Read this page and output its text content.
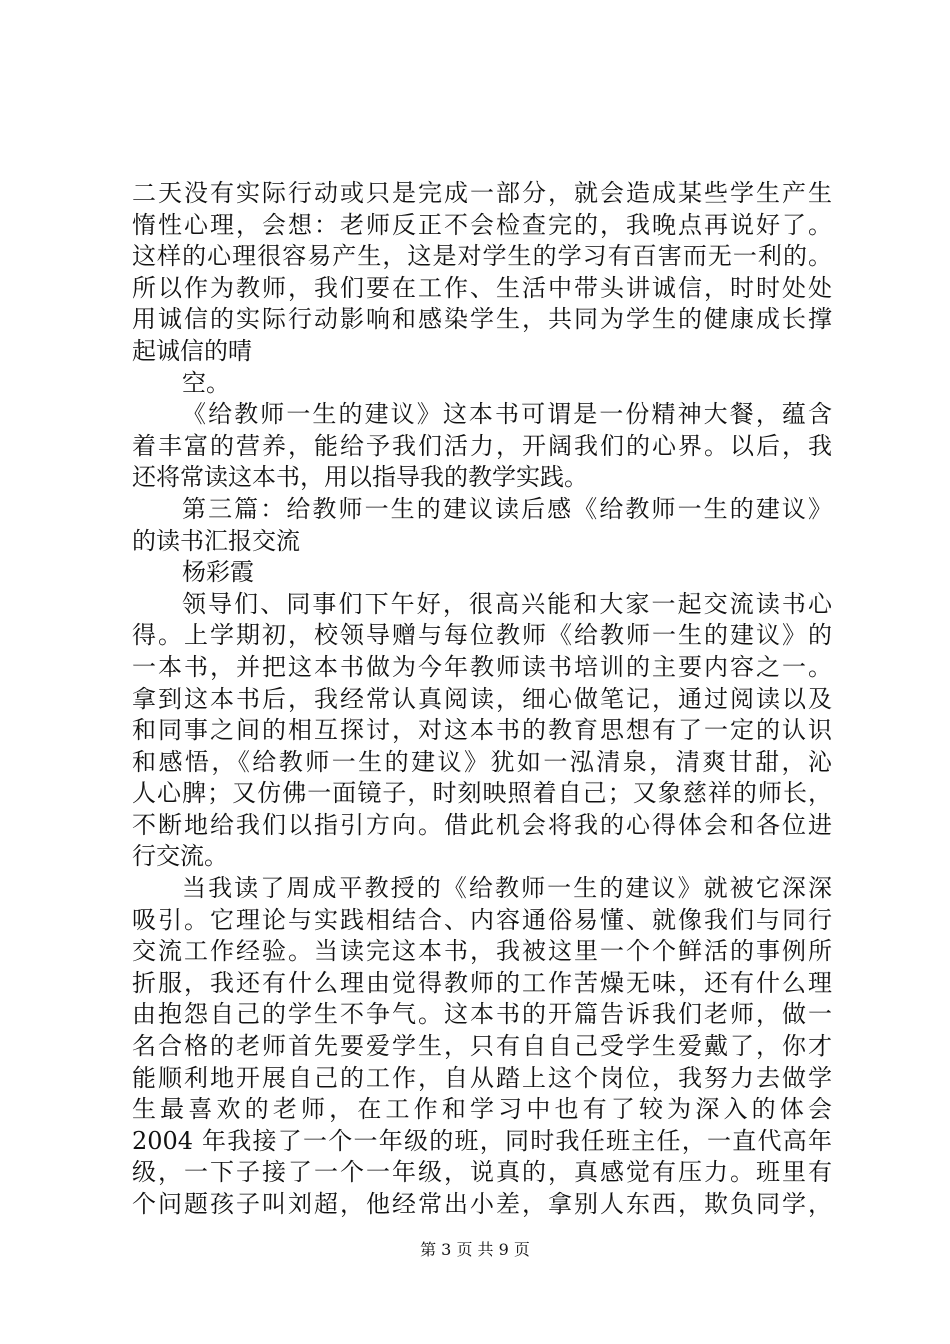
二天没有实际行动或只是完成一部分，就会造成某些学生产生
惰性心理，会想：老师反正不会检查完的，我晚点再说好了。
这样的心理很容易产生，这是对学生的学习有百害而无一利的。
所以作为教师，我们要在工作、生活中带头讲诚信，时时处处
用诚信的实际行动影响和感染学生，共同为学生的健康成长撑
起诚信的晴
空。
《给教师一生的建议》这本书可谓是一份精神大餐，蕴含
着丰富的营养，能给予我们活力，开阔我们的心界。以后，我
还将常读这本书，用以指导我的教学实践。
第三篇：给教师一生的建议读后感《给教师一生的建议》
的读书汇报交流
杨彩霞
领导们、同事们下午好，很高兴能和大家一起交流读书心
得。上学期初，校领导赠与每位教师《给教师一生的建议》的
一本书，并把这本书做为今年教师读书培训的主要内容之一。
拿到这本书后，我经常认真阅读，细心做笔记，通过阅读以及
和同事之间的相互探讨，对这本书的教育思想有了一定的认识
和感悟，《给教师一生的建议》犹如一泓清泉，清爽甘甜，沁
人心脾；又仿佛一面镜子，时刻映照着自己；又象慈祥的师长，
不断地给我们以指引方向。借此机会将我的心得体会和各位进
行交流。
当我读了周成平教授的《给教师一生的建议》就被它深深
吸引。它理论与实践相结合、内容通俗易懂、就像我们与同行
交流工作经验。当读完这本书，我被这里一个个鲜活的事例所
折服，我还有什么理由觉得教师的工作苦燥无味，还有什么理
由抱怨自己的学生不争气。这本书的开篇告诉我们老师，做一
名合格的老师首先要爱学生，只有自自己受学生爱戴了，你才
能顺利地开展自己的工作，自从踏上这个岗位，我努力去做学
生最喜欢的老师，在工作和学习中也有了较为深入的体会
2004 年我接了一个一年级的班，同时我任班主任，一直代高年
级，一下子接了一个一年级，说真的，真感觉有压力。班里有
个问题孩子叫刘超，他经常出小差，拿别人东西，欺负同学，
第 3 页 共 9 页
